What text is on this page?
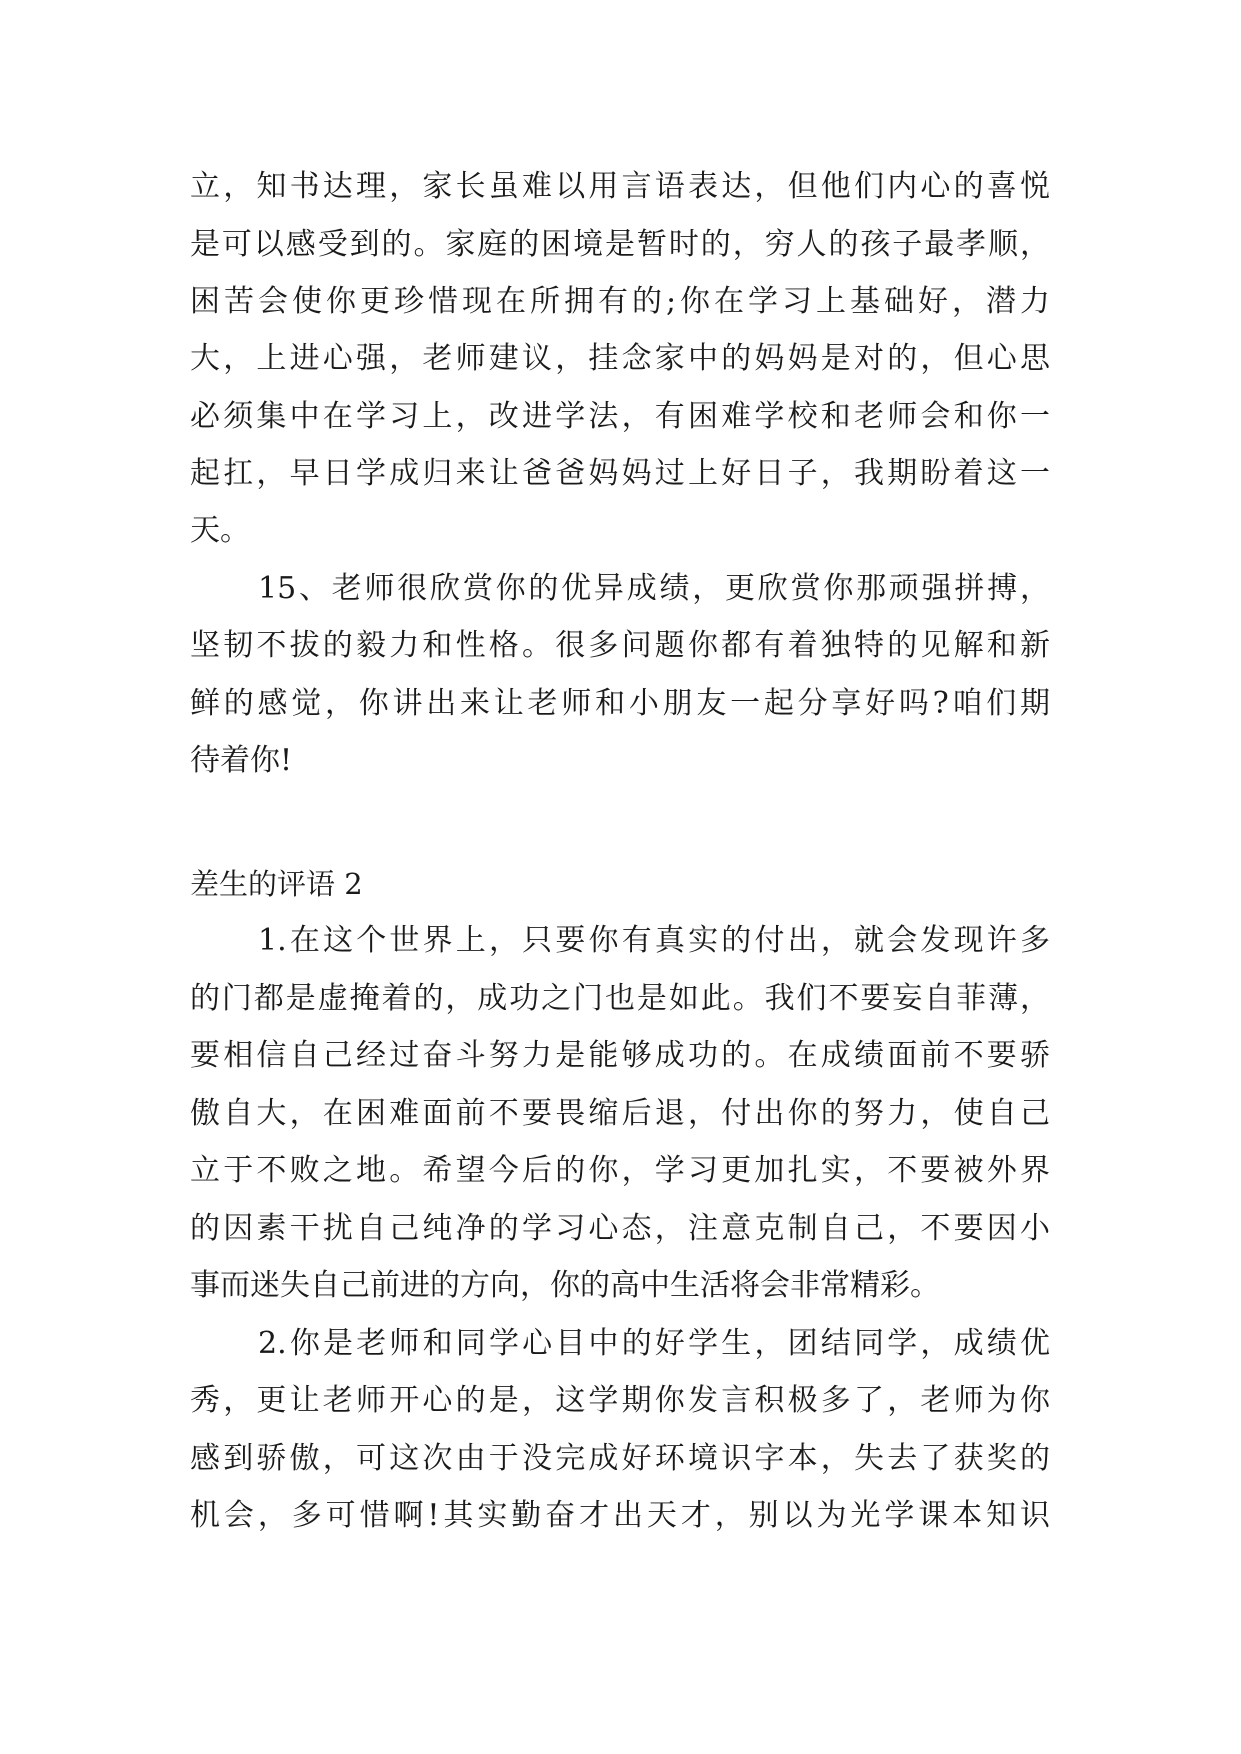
立，知书达理，家长虽难以用言语表达，但他们内心的喜悦
是可以感受到的。家庭的困境是暂时的，穷人的孩子最孝顺，
困苦会使你更珍惜现在所拥有的;你在学习上基础好，潜力
大，上进心强，老师建议，挂念家中的妈妈是对的，但心思
必须集中在学习上，改进学法，有困难学校和老师会和你一
起扛，早日学成归来让爸爸妈妈过上好日子，我期盼着这一
天。
15、老师很欣赏你的优异成绩，更欣赏你那顽强拼搏，
坚韧不拔的毅力和性格。很多问题你都有着独特的见解和新
鲜的感觉，你讲出来让老师和小朋友一起分享好吗?咱们期
待着你!
差生的评语 2
1.在这个世界上，只要你有真实的付出，就会发现许多
的门都是虚掩着的，成功之门也是如此。我们不要妄自菲薄，
要相信自己经过奋斗努力是能够成功的。在成绩面前不要骄
傲自大，在困难面前不要畏缩后退，付出你的努力，使自己
立于不败之地。希望今后的你，学习更加扎实，不要被外界
的因素干扰自己纯净的学习心态，注意克制自己，不要因小
事而迷失自己前进的方向，你的高中生活将会非常精彩。
2.你是老师和同学心目中的好学生，团结同学，成绩优
秀，更让老师开心的是，这学期你发言积极多了，老师为你
感到骄傲，可这次由于没完成好环境识字本，失去了获奖的
机会，多可惜啊!其实勤奋才出天才，别以为光学课本知识
